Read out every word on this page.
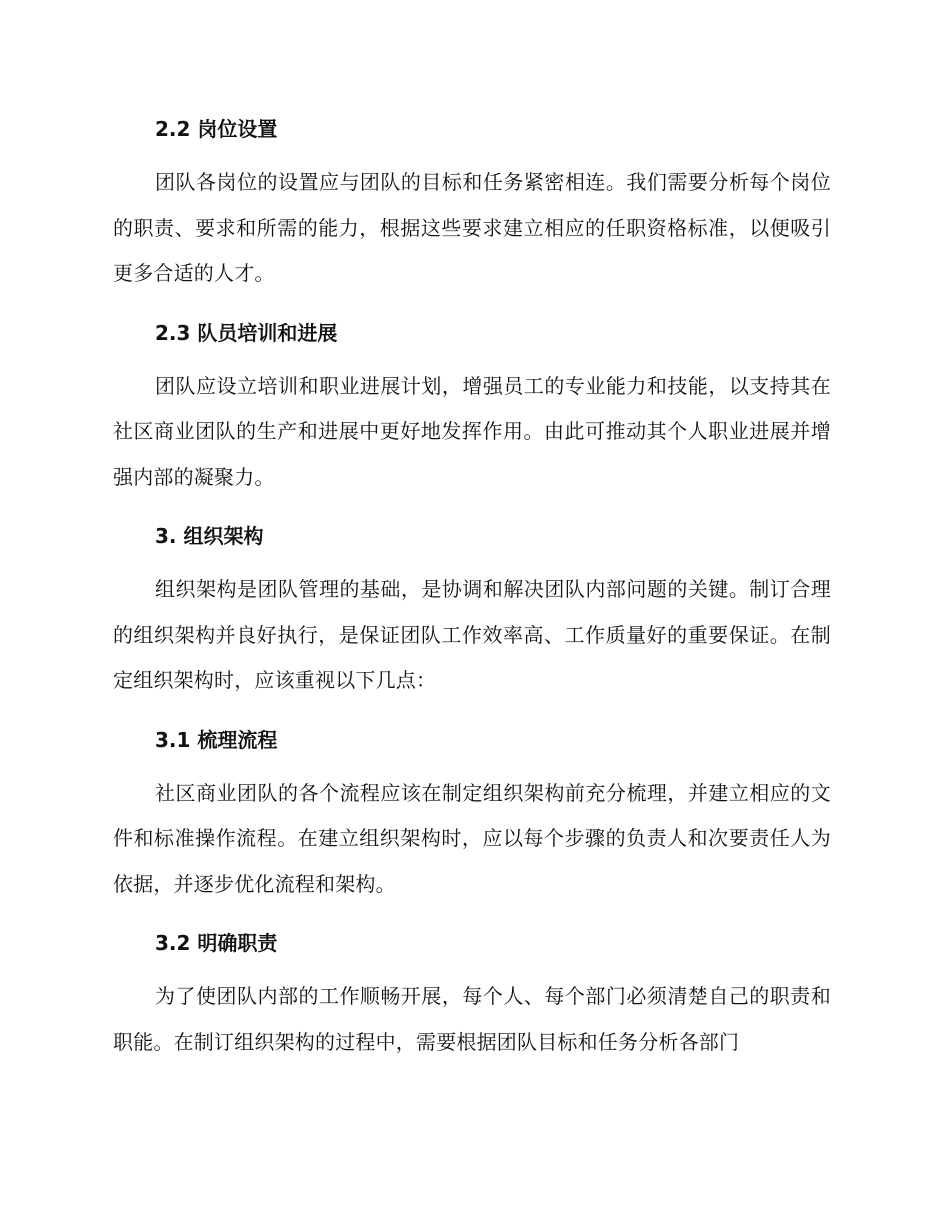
2.2 岗位设置

团队各岗位的设置应与团队的目标和任务紧密相连。我们需要分析每个岗位的职责、要求和所需的能力，根据这些要求建立相应的任职资格标准，以便吸引更多合适的人才。

2.3 队员培训和进展

团队应设立培训和职业进展计划，增强员工的专业能力和技能，以支持其在社区商业团队的生产和进展中更好地发挥作用。由此可推动其个人职业进展并增强内部的凝聚力。

3. 组织架构

组织架构是团队管理的基础，是协调和解决团队内部问题的关键。制订合理的组织架构并良好执行，是保证团队工作效率高、工作质量好的重要保证。在制定组织架构时，应该重视以下几点：

3.1 梳理流程

社区商业团队的各个流程应该在制定组织架构前充分梳理，并建立相应的文件和标准操作流程。在建立组织架构时，应以每个步骤的负责人和次要责任人为依据，并逐步优化流程和架构。

3.2 明确职责

为了使团队内部的工作顺畅开展，每个人、每个部门必须清楚自己的职责和职能。在制订组织架构的过程中，需要根据团队目标和任务分析各部门
